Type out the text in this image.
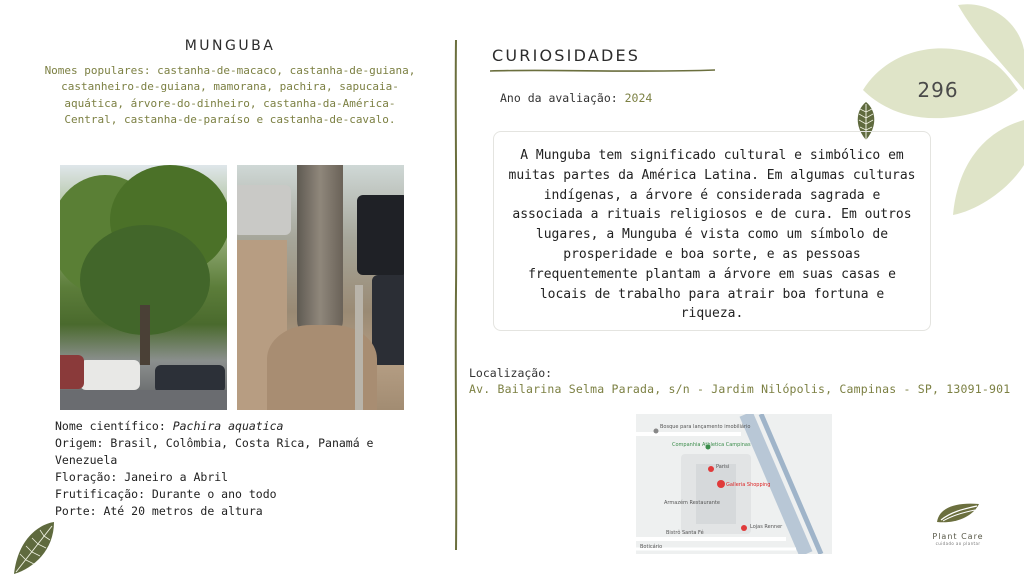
MUNGUBA
Nomes populares: castanha-de-macaco, castanha-de-guiana, castanheiro-de-guiana, mamorana, pachira, sapucaia-aquática, árvore-do-dinheiro, castanha-da-América-Central, castanha-de-paraíso e castanha-de-cavalo.
Nome científico: Pachira aquatica
Origem: Brasil, Colômbia, Costa Rica, Panamá e Venezuela
Floração: Janeiro a Abril
Frutificação: Durante o ano todo
Porte: Até 20 metros de altura
CURIOSIDADES
Ano da avaliação: 2024	296
A Munguba tem significado cultural e simbólico em muitas partes da América Latina. Em algumas culturas indígenas, a árvore é considerada sagrada e associada a rituais religiosos e de cura. Em outros lugares, a Munguba é vista como um símbolo de prosperidade e boa sorte, e as pessoas frequentemente plantam a árvore em suas casas e locais de trabalho para atrair boa fortuna e riqueza.
Localização:
Av. Bailarina Selma Parada, s/n - Jardim Nilópolis, Campinas - SP, 13091-901
Bosque para lançamento imobiliário
Companhia Athletica Campinas
Parisi
Galleria Shopping
Armazém Restaurante
Bistrô Santa Fé
Lojas Renner
Boticário
Plant Care
cuidado ao plantar
